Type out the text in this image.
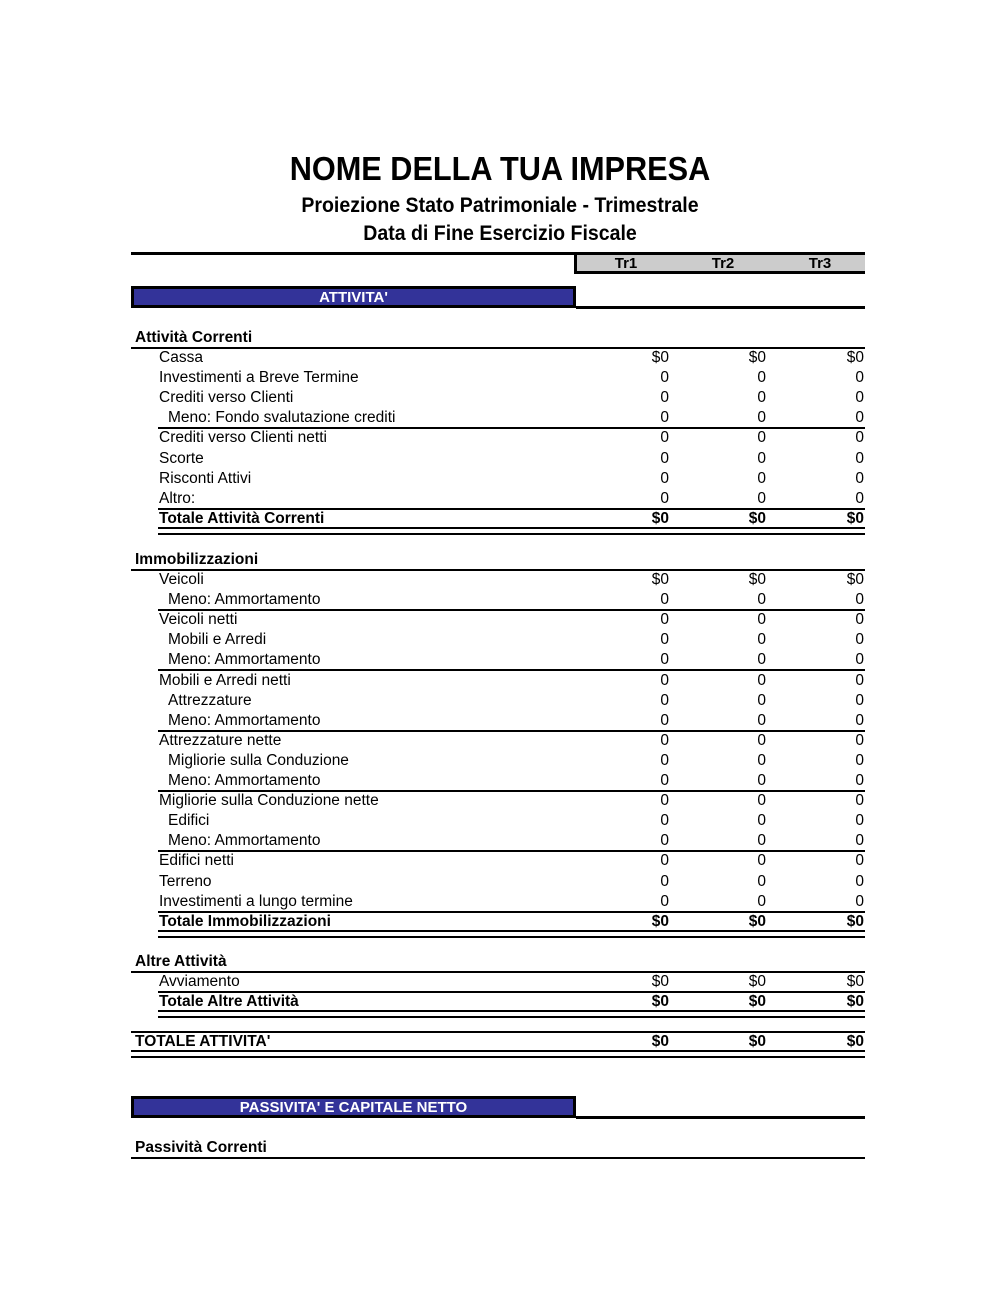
NOME DELLA TUA IMPRESA
Proiezione Stato Patrimoniale - Trimestrale
Data di Fine Esercizio Fiscale
Tr1	Tr2	Tr3
ATTIVITA'
Attività Correnti
Cassa	$0	$0	$0
Investimenti a Breve Termine	0	0	0
Crediti verso Clienti	0	0	0
Meno: Fondo svalutazione crediti	0	0	0
Crediti verso Clienti netti	0	0	0
Scorte	0	0	0
Risconti Attivi	0	0	0
Altro:	0	0	0
Totale Attività Correnti	$0	$0	$0
Immobilizzazioni
Veicoli	$0	$0	$0
Meno: Ammortamento	0	0	0
Veicoli netti	0	0	0
Mobili e Arredi	0	0	0
Meno: Ammortamento	0	0	0
Mobili e Arredi netti	0	0	0
Attrezzature	0	0	0
Meno: Ammortamento	0	0	0
Attrezzature nette	0	0	0
Migliorie sulla Conduzione	0	0	0
Meno: Ammortamento	0	0	0
Migliorie sulla Conduzione nette	0	0	0
Edifici	0	0	0
Meno: Ammortamento	0	0	0
Edifici netti	0	0	0
Terreno	0	0	0
Investimenti a lungo termine	0	0	0
Totale Immobilizzazioni	$0	$0	$0
Altre Attività
Avviamento	$0	$0	$0
Totale Altre Attività	$0	$0	$0
TOTALE ATTIVITA'	$0	$0	$0
PASSIVITA' E CAPITALE NETTO
Passività Correnti
